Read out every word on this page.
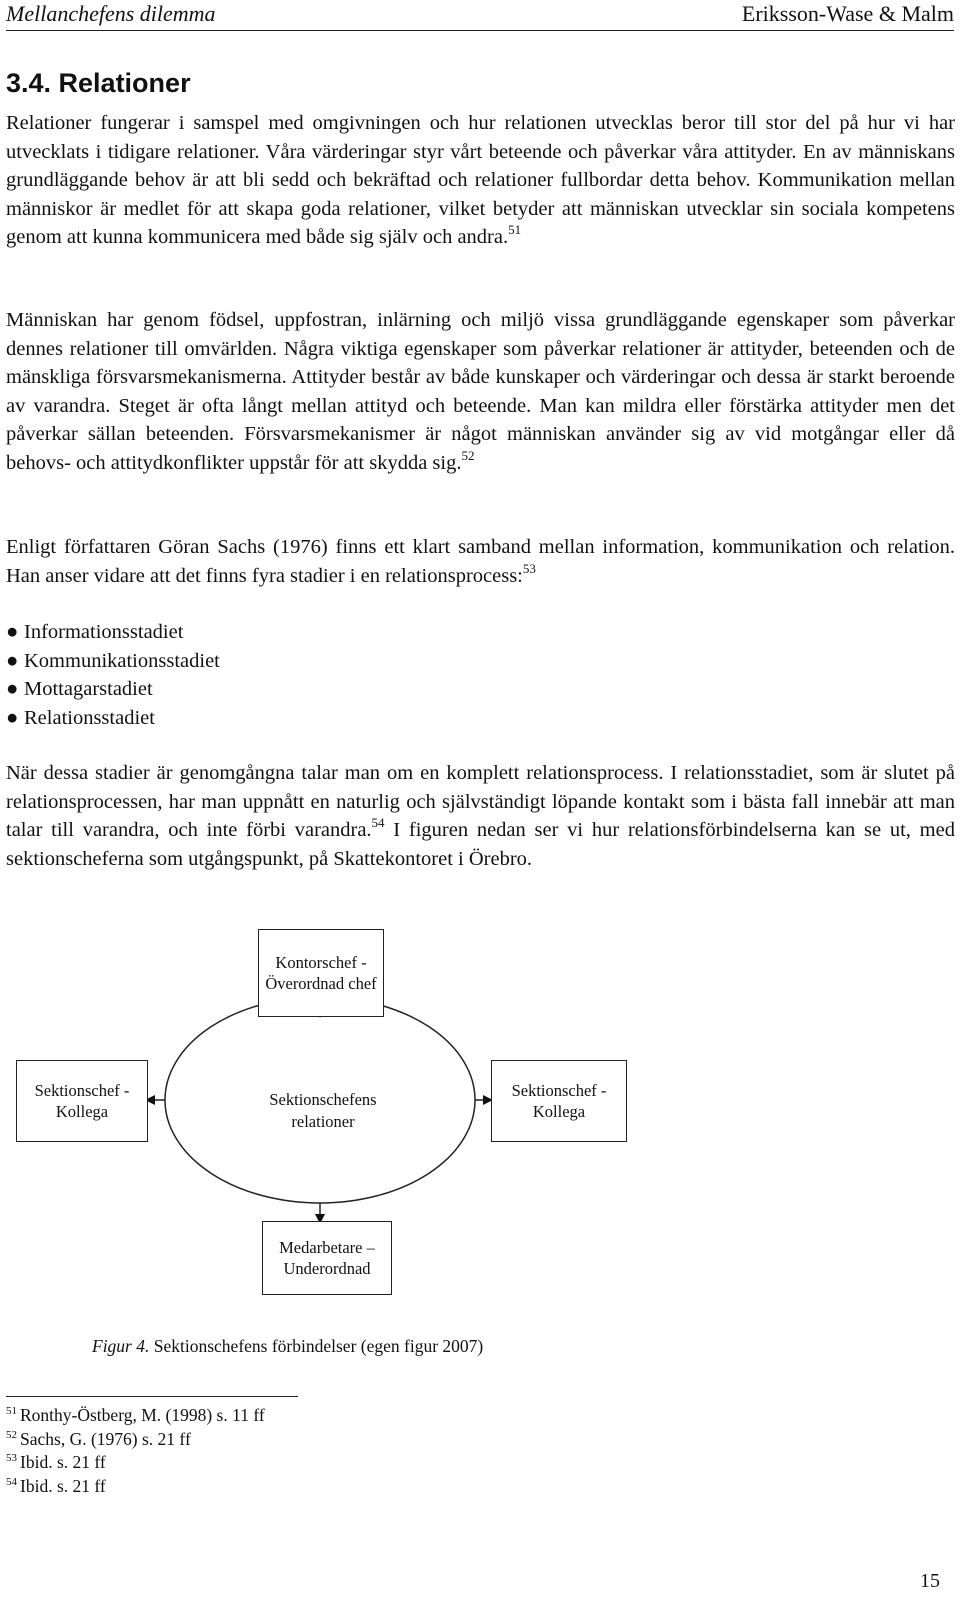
Mellanchefens dilemma	Eriksson-Wase & Malm
3.4. Relationer
Relationer fungerar i samspel med omgivningen och hur relationen utvecklas beror till stor del på hur vi har utvecklats i tidigare relationer. Våra värderingar styr vårt beteende och påverkar våra attityder. En av människans grundläggande behov är att bli sedd och bekräftad och relationer fullbordar detta behov. Kommunikation mellan människor är medlet för att skapa goda relationer, vilket betyder att människan utvecklar sin sociala kompetens genom att kunna kommunicera med både sig själv och andra.$^{51}$
Människan har genom födsel, uppfostran, inlärning och miljö vissa grundläggande egenskaper som påverkar dennes relationer till omvärlden. Några viktiga egenskaper som påverkar relationer är attityder, beteenden och de mänskliga försvarsmekanismerna. Attityder består av både kunskaper och värderingar och dessa är starkt beroende av varandra. Steget är ofta långt mellan attityd och beteende. Man kan mildra eller förstärka attityder men det påverkar sällan beteenden. Försvarsmekanismer är något människan använder sig av vid motgångar eller då behovs- och attitydkonflikter uppstår för att skydda sig.$^{52}$
Enligt författaren Göran Sachs (1976) finns ett klart samband mellan information, kommunikation och relation. Han anser vidare att det finns fyra stadier i en relationsprocess:$^{53}$
● Informationsstadiet
● Kommunikationsstadiet
● Mottagarstadiet
● Relationsstadiet
När dessa stadier är genomgångna talar man om en komplett relationsprocess. I relationsstadiet, som är slutet på relationsprocessen, har man uppnått en naturlig och självständigt löpande kontakt som i bästa fall innebär att man talar till varandra, och inte förbi varandra.$^{54}$ I figuren nedan ser vi hur relationsförbindelserna kan se ut, med sektionscheferna som utgångspunkt, på Skattekontoret i Örebro.
Kontorschef - Överordnad chef
Sektionschef - Kollega
Sektionschef - Kollega
Medarbetare – Underordnad
Sektionschefens relationer
Figur 4. Sektionschefens förbindelser (egen figur 2007)
$^{51}$ Ronthy-Östberg, M. (1998) s. 11 ff
$^{52}$ Sachs, G. (1976) s. 21 ff
$^{53}$ Ibid. s. 21 ff
$^{54}$ Ibid. s. 21 ff
15
